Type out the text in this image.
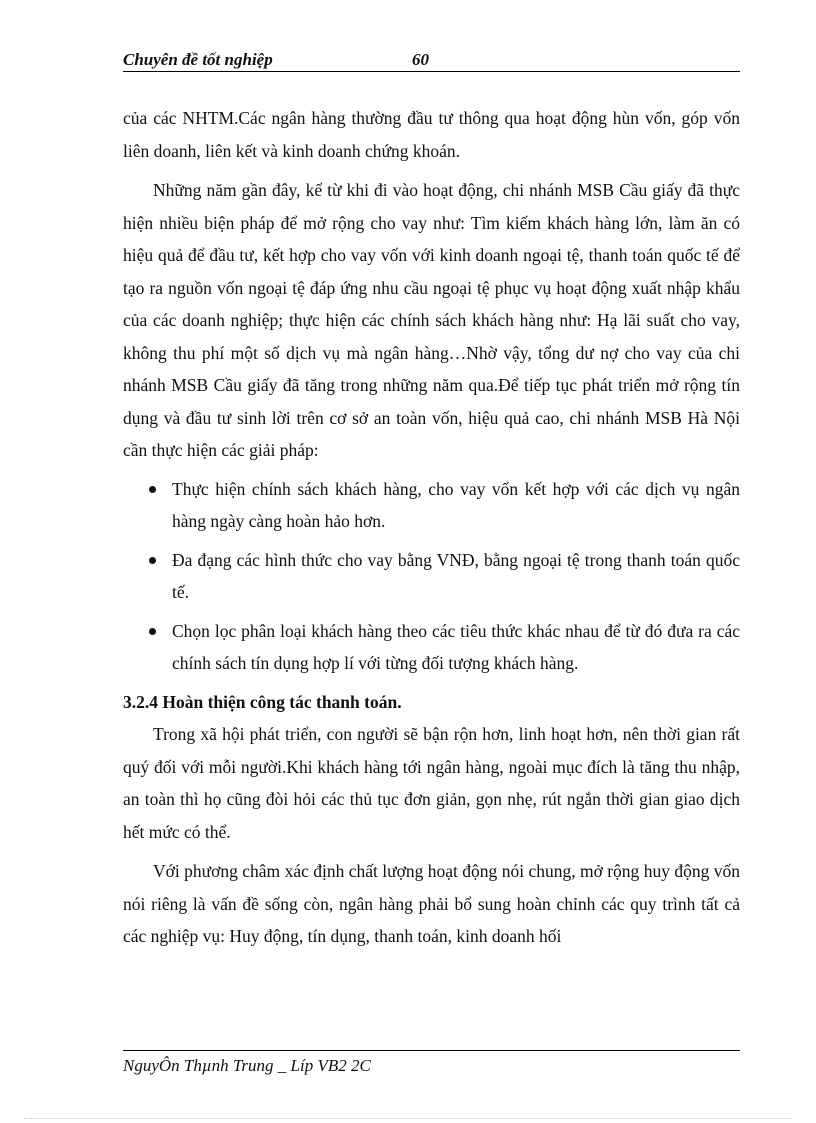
Chuyên đề tốt nghiệp	60

của các NHTM.Các ngân hàng thường đầu tư thông qua hoạt động hùn vốn, góp vốn liên doanh, liên kết và kinh doanh chứng khoán.

Những năm gần đây, kể từ khi đi vào hoạt động, chi nhánh MSB Cầu giấy đã thực hiện nhiều biện pháp để mở rộng cho vay như: Tìm kiếm khách hàng lớn, làm ăn có hiệu quả để đầu tư, kết hợp cho vay vốn với kinh doanh ngoại tệ, thanh toán quốc tế để tạo ra nguồn vốn ngoại tệ đáp ứng nhu cầu ngoại tệ phục vụ hoạt động xuất nhập khẩu của các doanh nghiệp; thực hiện các chính sách khách hàng như: Hạ lãi suất cho vay, không thu phí một số dịch vụ mà ngân hàng…Nhờ vậy, tổng dư nợ cho vay của chi nhánh MSB Cầu giấy đã tăng trong những năm qua.Để tiếp tục phát triển mở rộng tín dụng và đầu tư sinh lời trên cơ sở an toàn vốn, hiệu quả cao, chi nhánh MSB Hà Nội cần thực hiện các giải pháp:

Thực hiện chính sách khách hàng, cho vay vốn kết hợp với các dịch vụ ngân hàng ngày càng hoàn hảo hơn.
Đa đạng các hình thức cho vay bằng VNĐ, bằng ngoại tệ trong thanh toán quốc tế.
Chọn lọc phân loại khách hàng theo các tiêu thức khác nhau để từ đó đưa ra các chính sách tín dụng hợp lí với từng đối tượng khách hàng.

3.2.4 Hoàn thiện công tác thanh toán.

Trong xã hội phát triển, con người sẽ bận rộn hơn, linh hoạt hơn, nên thời gian rất quý đối với mỗi người.Khi khách hàng tới ngân hàng, ngoài mục đích là tăng thu nhập, an toàn thì họ cũng đòi hỏi các thủ tục đơn giản, gọn nhẹ, rút ngắn thời gian giao dịch hết mức có thể.

Với phương châm xác định chất lượng hoạt động nói chung, mở rộng huy động vốn nói riêng là vấn đề sống còn, ngân hàng phải bổ sung hoàn chỉnh các quy trình tất cả các nghiệp vụ: Huy động, tín dụng, thanh toán, kinh doanh hối

NguyÔn Thµnh Trung _ Líp VB2 2C
